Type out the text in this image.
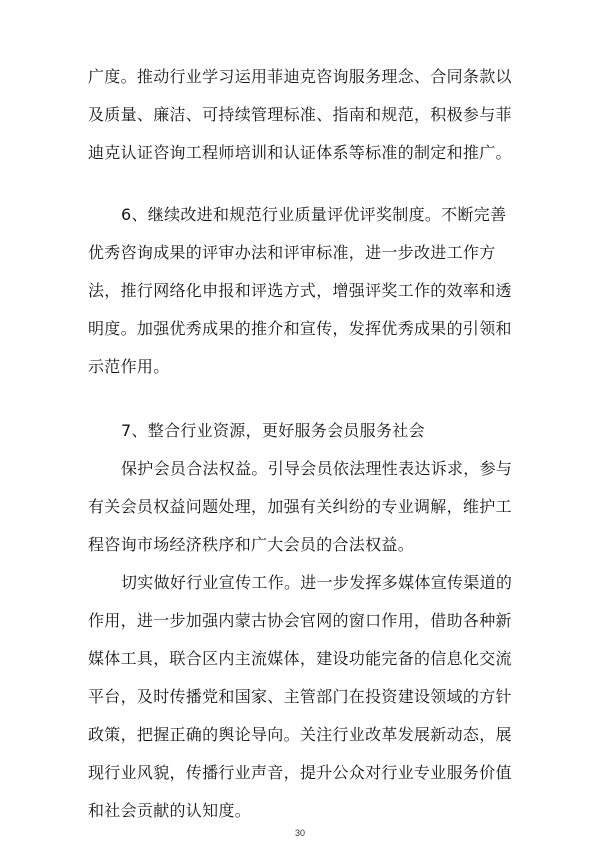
广度。推动行业学习运用菲迪克咨询服务理念、合同条款以
及质量、廉洁、可持续管理标准、指南和规范，积极参与菲
迪克认证咨询工程师培训和认证体系等标准的制定和推广。
6、继续改进和规范行业质量评优评奖制度。不断完善
优秀咨询成果的评审办法和评审标准，进一步改进工作方
法，推行网络化申报和评选方式，增强评奖工作的效率和透
明度。加强优秀成果的推介和宣传，发挥优秀成果的引领和
示范作用。
7、整合行业资源，更好服务会员服务社会
保护会员合法权益。引导会员依法理性表达诉求，参与
有关会员权益问题处理，加强有关纠纷的专业调解，维护工
程咨询市场经济秩序和广大会员的合法权益。
切实做好行业宣传工作。进一步发挥多媒体宣传渠道的
作用，进一步加强内蒙古协会官网的窗口作用，借助各种新
媒体工具，联合区内主流媒体，建设功能完备的信息化交流
平台，及时传播党和国家、主管部门在投资建设领域的方针
政策，把握正确的舆论导向。关注行业改革发展新动态，展
现行业风貌，传播行业声音，提升公众对行业专业服务价值
和社会贡献的认知度。
30
